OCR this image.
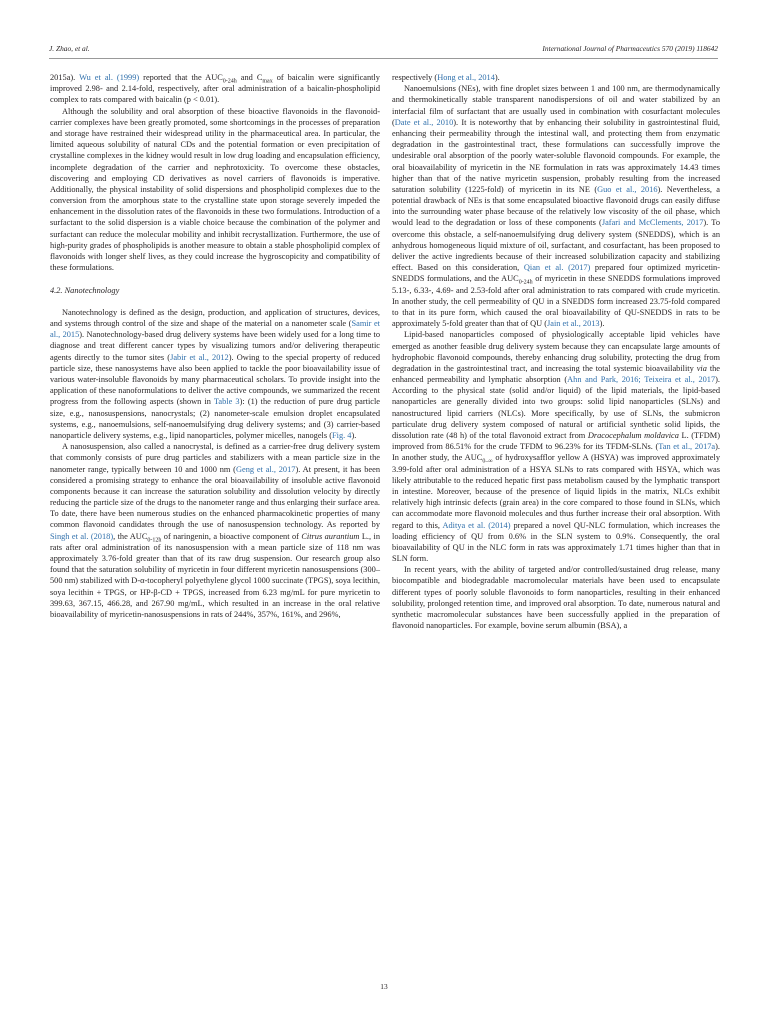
J. Zhao, et al.	International Journal of Pharmaceutics 570 (2019) 118642

2015a). Wu et al. (1999) reported that the $AUC_{0-24h}$ and $C_{max}$ of baicalin were significantly improved 2.98- and 2.14-fold, respectively, after oral administration of a baicalin-phospholipid complex to rats compared with baicalin (p < 0.01).

Although the solubility and oral absorption of these bioactive flavonoids in the flavonoid-carrier complexes have been greatly promoted, some shortcomings in the processes of preparation and storage have restrained their widespread utility in the pharmaceutical area. In particular, the limited aqueous solubility of natural CDs and the potential formation or even precipitation of crystalline complexes in the kidney would result in low drug loading and encapsulation efficiency, incomplete degradation of the carrier and nephrotoxicity. To overcome these obstacles, discovering and employing CD derivatives as novel carriers of flavonoids is imperative. Additionally, the physical instability of solid dispersions and phospholipid complexes due to the conversion from the amorphous state to the crystalline state upon storage severely impeded the enhancement in the dissolution rates of the flavonoids in these two formulations. Introduction of a surfactant to the solid dispersion is a viable choice because the combination of the polymer and surfactant can reduce the molecular mobility and inhibit recrystallization. Furthermore, the use of high-purity grades of phospholipids is another measure to obtain a stable phospholipid complex of flavonoids with longer shelf lives, as they could increase the hygroscopicity and compatibility of these formulations.

4.2. Nanotechnology

Nanotechnology is defined as the design, production, and application of structures, devices, and systems through control of the size and shape of the material on a nanometer scale (Samir et al., 2015). Nanotechnology-based drug delivery systems have been widely used for a long time to diagnose and treat different cancer types by visualizing tumors and/or delivering therapeutic agents directly to the tumor sites (Jabir et al., 2012). Owing to the special property of reduced particle size, these nanosystems have also been applied to tackle the poor bioavailability issue of various water-insoluble flavonoids by many pharmaceutical scholars. To provide insight into the application of these nanoformulations to deliver the active compounds, we summarized the recent progress from the following aspects (shown in Table 3): (1) the reduction of pure drug particle size, e.g., nanosuspensions, nanocrystals; (2) nanometer-scale emulsion droplet encapsulated systems, e.g., nanoemulsions, self-nanoemulsifying drug delivery systems; and (3) carrier-based nanoparticle delivery systems, e.g., lipid nanoparticles, polymer micelles, nanogels (Fig. 4).

A nanosuspension, also called a nanocrystal, is defined as a carrier-free drug delivery system that commonly consists of pure drug particles and stabilizers with a mean particle size in the nanometer range, typically between 10 and 1000 nm (Geng et al., 2017). At present, it has been considered a promising strategy to enhance the oral bioavailability of insoluble active flavonoid components because it can increase the saturation solubility and dissolution velocity by directly reducing the particle size of the drugs to the nanometer range and thus enlarging their surface area. To date, there have been numerous studies on the enhanced pharmacokinetic properties of many common flavonoid candidates through the use of nanosuspension technology. As reported by Singh et al. (2018), the $AUC_{0-12h}$ of naringenin, a bioactive component of Citrus aurantium L., in rats after oral administration of its nanosuspension with a mean particle size of 118 nm was approximately 3.76-fold greater than that of its raw drug suspension. Our research group also found that the saturation solubility of myricetin in four different myricetin nanosuspensions (300–500 nm) stabilized with D-α-tocopheryl polyethylene glycol 1000 succinate (TPGS), soya lecithin, soya lecithin + TPGS, or HP-β-CD + TPGS, increased from 6.23 mg/mL for pure myricetin to 399.63, 367.15, 466.28, and 267.90 mg/mL, which resulted in an increase in the oral relative bioavailability of myricetin-nanosuspensions in rats of 244%, 357%, 161%, and 296%,

respectively (Hong et al., 2014).

Nanoemulsions (NEs), with fine droplet sizes between 1 and 100 nm, are thermodynamically and thermokinetically stable transparent nanodispersions of oil and water stabilized by an interfacial film of surfactant that are usually used in combination with cosurfactant molecules (Date et al., 2010). It is noteworthy that by enhancing their solubility in gastrointestinal fluid, enhancing their permeability through the intestinal wall, and protecting them from enzymatic degradation in the gastrointestinal tract, these formulations can successfully improve the undesirable oral absorption of the poorly water-soluble flavonoid compounds. For example, the oral bioavailability of myricetin in the NE formulation in rats was approximately 14.43 times higher than that of the native myricetin suspension, probably resulting from the increased saturation solubility (1225-fold) of myricetin in its NE (Guo et al., 2016). Nevertheless, a potential drawback of NEs is that some encapsulated bioactive flavonoid drugs can easily diffuse into the surrounding water phase because of the relatively low viscosity of the oil phase, which would lead to the degradation or loss of these components (Jafari and McClements, 2017). To overcome this obstacle, a self-nanoemulsifying drug delivery system (SNEDDS), which is an anhydrous homogeneous liquid mixture of oil, surfactant, and cosurfactant, has been proposed to deliver the active ingredients because of their increased solubilization capacity and stabilizing effect. Based on this consideration, Qian et al. (2017) prepared four optimized myricetin-SNEDDS formulations, and the $AUC_{0-24h}$ of myricetin in these SNEDDS formulations improved 5.13-, 6.33-, 4.69- and 2.53-fold after oral administration to rats compared with crude myricetin. In another study, the cell permeability of QU in a SNEDDS form increased 23.75-fold compared to that in its pure form, which caused the oral bioavailability of QU-SNEDDS in rats to be approximately 5-fold greater than that of QU (Jain et al., 2013).

Lipid-based nanoparticles composed of physiologically acceptable lipid vehicles have emerged as another feasible drug delivery system because they can encapsulate large amounts of hydrophobic flavonoid compounds, thereby enhancing drug solubility, protecting the drug from degradation in the gastrointestinal tract, and increasing the total systemic bioavailability via the enhanced permeability and lymphatic absorption (Ahn and Park, 2016; Teixeira et al., 2017). According to the physical state (solid and/or liquid) of the lipid materials, the lipid-based nanoparticles are generally divided into two groups: solid lipid nanoparticles (SLNs) and nanostructured lipid carriers (NLCs). More specifically, by use of SLNs, the submicron particulate drug delivery system composed of natural or artificial synthetic solid lipids, the dissolution rate (48 h) of the total flavonoid extract from Dracocephalum moldavica L. (TFDM) improved from 86.51% for the crude TFDM to 96.23% for its TFDM-SLNs. (Tan et al., 2017a). In another study, the $AUC_{0-\infty}$ of hydroxysafflor yellow A (HSYA) was improved approximately 3.99-fold after oral administration of a HSYA SLNs to rats compared with HSYA, which was likely attributable to the reduced hepatic first pass metabolism caused by the lymphatic transport in intestine. Moreover, because of the presence of liquid lipids in the matrix, NLCs exhibit relatively high intrinsic defects (grain area) in the core compared to those found in SLNs, which can accommodate more flavonoid molecules and thus further increase their oral absorption. With regard to this, Aditya et al. (2014) prepared a novel QU-NLC formulation, which increases the loading efficiency of QU from 0.6% in the SLN system to 0.9%. Consequently, the oral bioavailability of QU in the NLC form in rats was approximately 1.71 times higher than that in SLN form.

In recent years, with the ability of targeted and/or controlled/sustained drug release, many biocompatible and biodegradable macromolecular materials have been used to encapsulate different types of poorly soluble flavonoids to form nanoparticles, resulting in their enhanced solubility, prolonged retention time, and improved oral absorption. To date, numerous natural and synthetic macromolecular substances have been successfully applied in the preparation of flavonoid nanoparticles. For example, bovine serum albumin (BSA), a

13
